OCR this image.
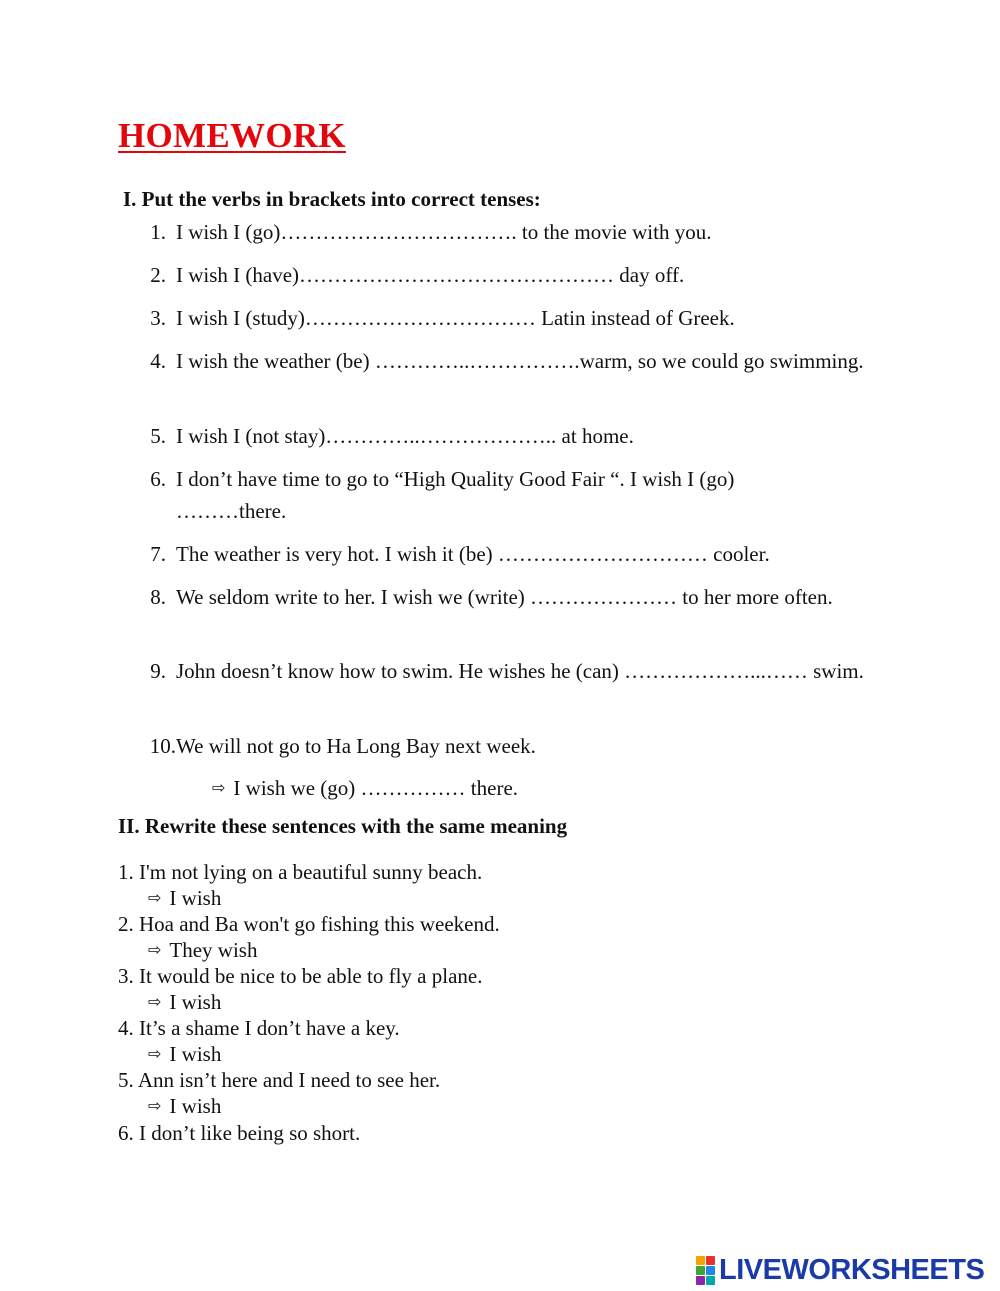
HOMEWORK
I. Put the verbs in brackets into correct tenses:
1. I wish I (go)……………………………. to the movie with you.
2. I wish I (have)……………………………………… day off.
3. I wish I (study)…………………………… Latin instead of Greek.
4. I wish the weather (be) …………..…………….warm, so we could go swimming.
5. I wish I (not stay)…………..……………….. at home.
6. I don’t have time to go to “High Quality Good Fair “. I wish I (go) ………there.
7. The weather is very hot. I wish it (be) ………………………… cooler.
8. We seldom write to her. I wish we (write) ………………… to her more often.
9. John doesn’t know how to swim. He wishes he (can) ………………...…… swim.
10. We will not go to Ha Long Bay next week.
⇨ I wish we (go) …………… there.
II. Rewrite these sentences with the same meaning
1. I'm not lying on a beautiful sunny beach.
⇨ I wish
2. Hoa and Ba won't go fishing this weekend.
⇨ They wish
3. It would be nice to be able to fly a plane.
⇨ I wish
4. It’s a shame I don’t have a key.
⇨ I wish
5. Ann isn’t here and I need to see her.
⇨ I wish
6. I don’t like being so short.
LIVEWORKSHEETS
